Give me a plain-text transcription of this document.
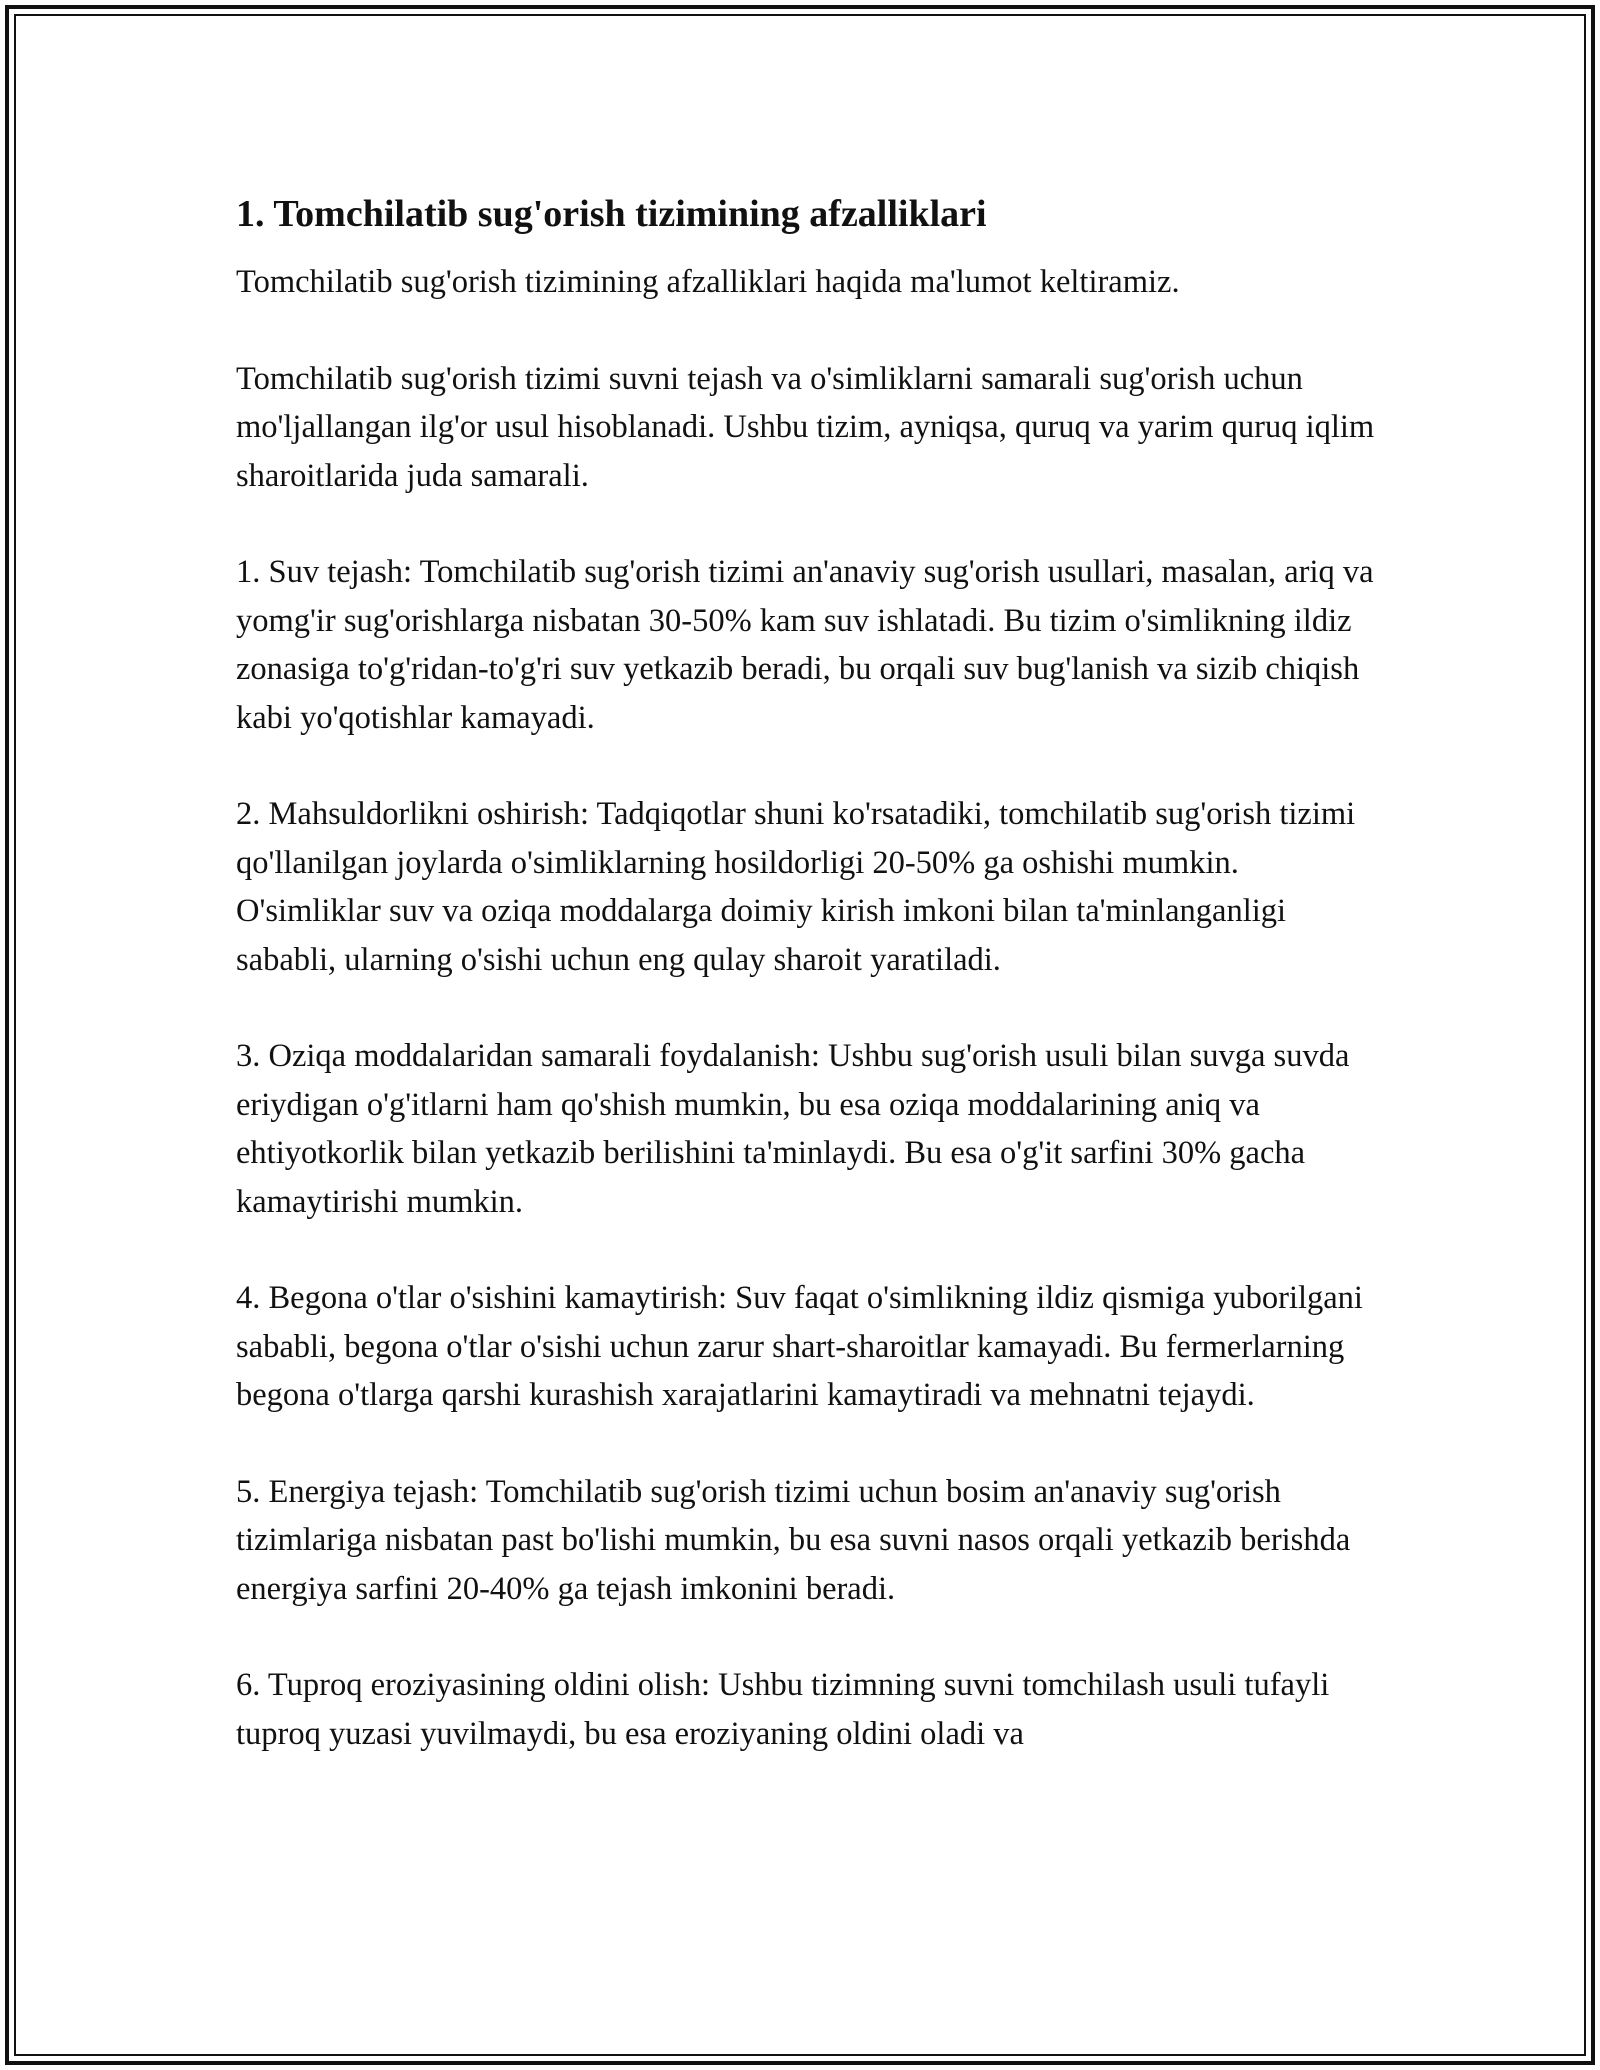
1. Tomchilatib sug'orish tizimining afzalliklari

Tomchilatib sug'orish tizimining afzalliklari haqida ma'lumot keltiramiz.

Tomchilatib sug'orish tizimi suvni tejash va o'simliklarni samarali sug'orish uchun mo'ljallangan ilg'or usul hisoblanadi. Ushbu tizim, ayniqsa, quruq va yarim quruq iqlim sharoitlarida juda samarali.

1. Suv tejash: Tomchilatib sug'orish tizimi an'anaviy sug'orish usullari, masalan, ariq va yomg'ir sug'orishlarga nisbatan 30-50% kam suv ishlatadi. Bu tizim o'simlikning ildiz zonasiga to'g'ridan-to'g'ri suv yetkazib beradi, bu orqali suv bug'lanish va sizib chiqish kabi yo'qotishlar kamayadi.

2. Mahsuldorlikni oshirish: Tadqiqotlar shuni ko'rsatadiki, tomchilatib sug'orish tizimi qo'llanilgan joylarda o'simliklarning hosildorligi 20-50% ga oshishi mumkin. O'simliklar suv va oziqa moddalarga doimiy kirish imkoni bilan ta'minlanganligi sababli, ularning o'sishi uchun eng qulay sharoit yaratiladi.

3. Oziqa moddalaridan samarali foydalanish: Ushbu sug'orish usuli bilan suvga suvda eriydigan o'g'itlarni ham qo'shish mumkin, bu esa oziqa moddalarining aniq va ehtiyotkorlik bilan yetkazib berilishini ta'minlaydi. Bu esa o'g'it sarfini 30% gacha kamaytirishi mumkin.

4. Begona o'tlar o'sishini kamaytirish: Suv faqat o'simlikning ildiz qismiga yuborilgani sababli, begona o'tlar o'sishi uchun zarur shart-sharoitlar kamayadi. Bu fermerlarning begona o'tlarga qarshi kurashish xarajatlarini kamaytiradi va mehnatni tejaydi.

5. Energiya tejash: Tomchilatib sug'orish tizimi uchun bosim an'anaviy sug'orish tizimlariga nisbatan past bo'lishi mumkin, bu esa suvni nasos orqali yetkazib berishda energiya sarfini 20-40% ga tejash imkonini beradi.

6. Tuproq eroziyasining oldini olish: Ushbu tizimning suvni tomchilash usuli tufayli tuproq yuzasi yuvilmaydi, bu esa eroziyaning oldini oladi va
